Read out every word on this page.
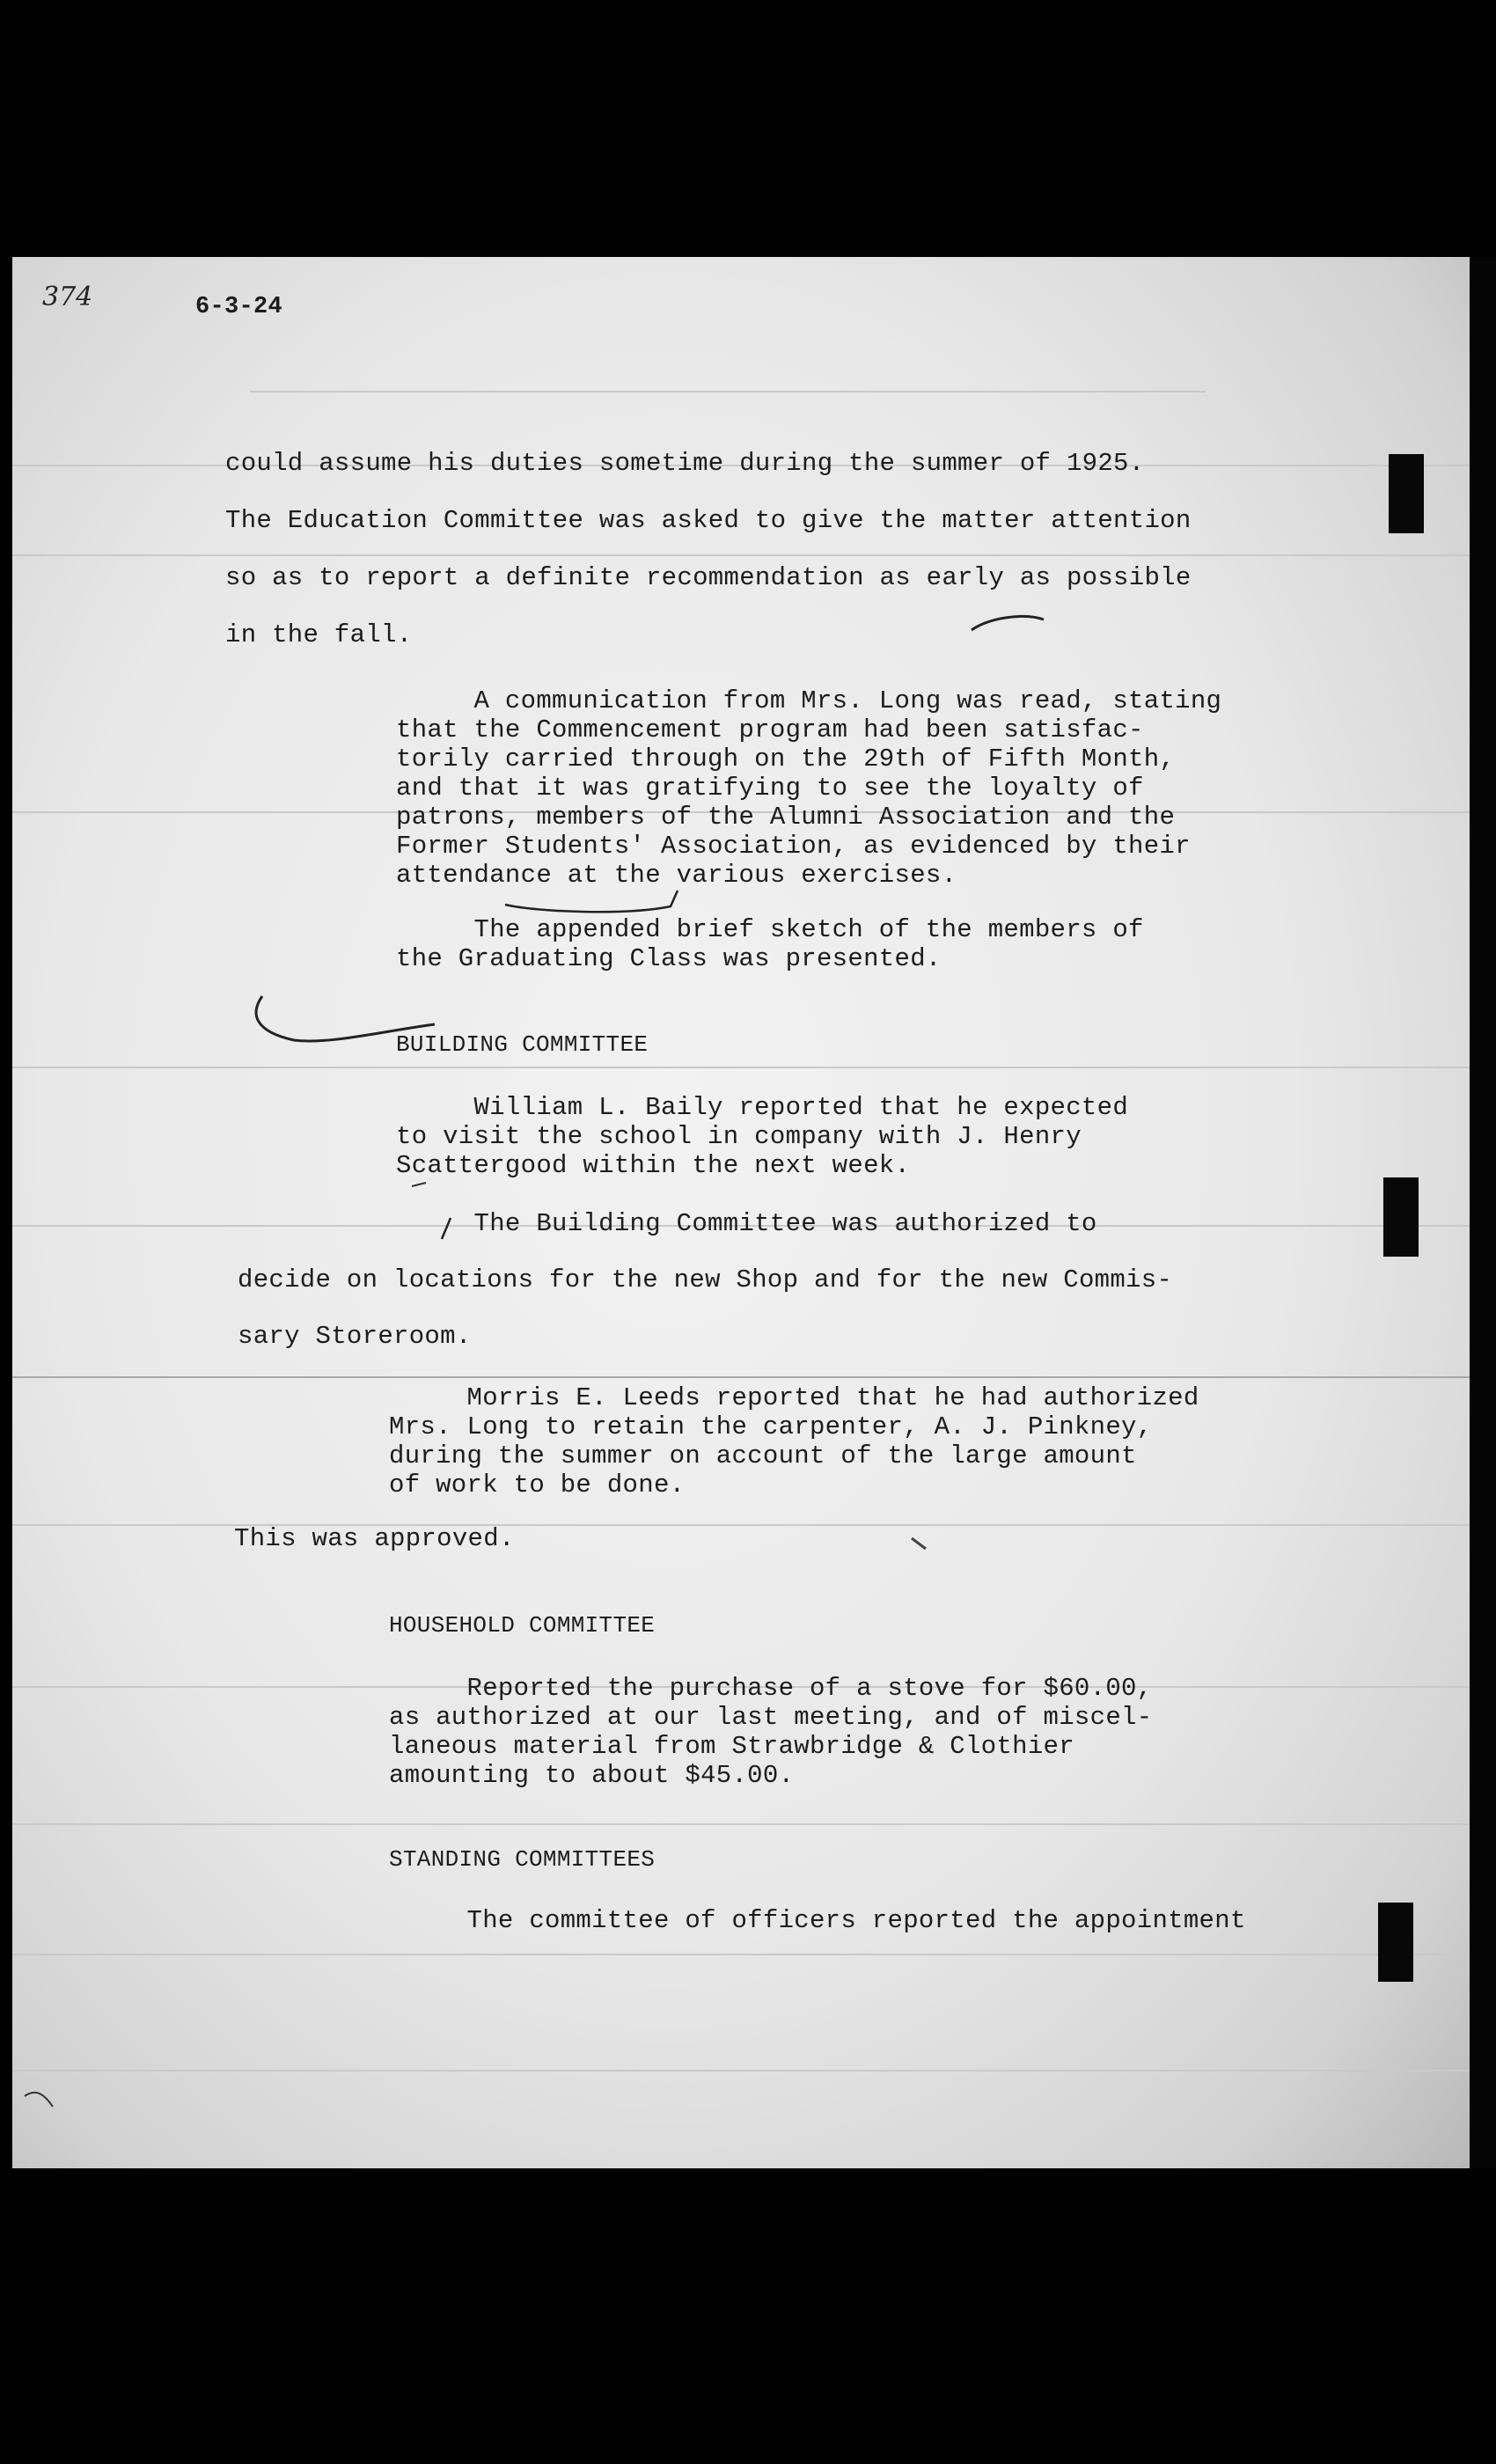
374	6-3-24
could assume his duties sometime during the summer of 1925.
The Education Committee was asked to give the matter attention
so as to report a definite recommendation as early as possible
in the fall.
A communication from Mrs. Long was read, stating
that the Commencement program had been satisfac-
torily carried through on the 29th of Fifth Month,
and that it was gratifying to see the loyalty of
patrons, members of the Alumni Association and the
Former Students' Association, as evidenced by their
attendance at the various exercises.
The appended brief sketch of the members of
the Graduating Class was presented.
BUILDING COMMITTEE
William L. Baily reported that he expected
to visit the school in company with J. Henry
Scattergood within the next week.
The Building Committee was authorized to
decide on locations for the new Shop and for the new Commis-
sary Storeroom.
Morris E. Leeds reported that he had authorized
Mrs. Long to retain the carpenter, A. J. Pinkney,
during the summer on account of the large amount
of work to be done.
This was approved.
HOUSEHOLD COMMITTEE
Reported the purchase of a stove for $60.00,
as authorized at our last meeting, and of miscel-
laneous material from Strawbridge & Clothier
amounting to about $45.00.
STANDING COMMITTEES
The committee of officers reported the appointment
